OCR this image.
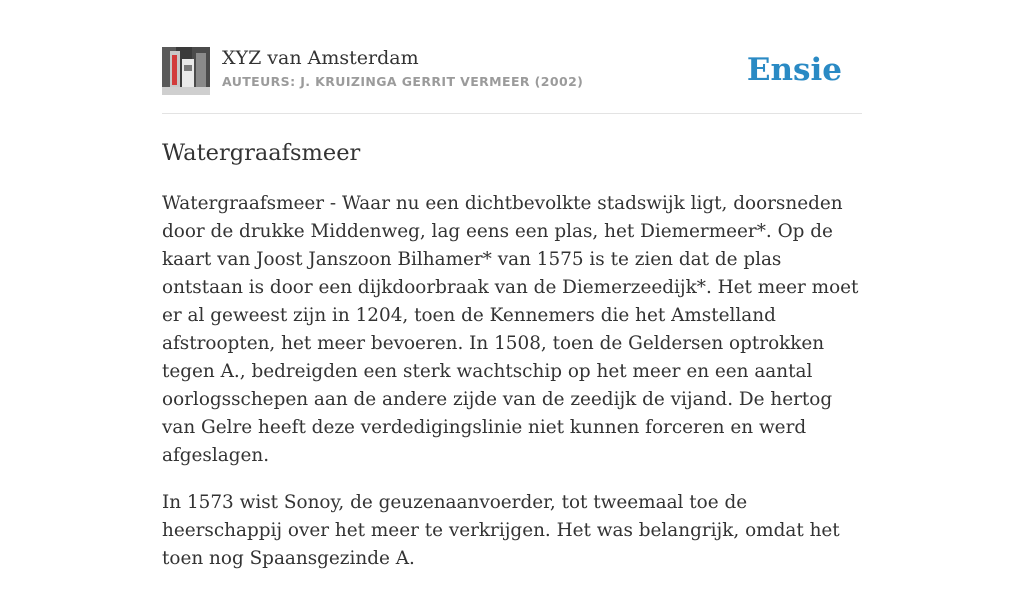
XYZ van Amsterdam
AUTEURS: J. KRUIZINGA GERRIT VERMEER (2002)	Ensie
Watergraafsmeer

Watergraafsmeer - Waar nu een dichtbevolkte stadswijk ligt, doorsneden door de drukke Middenweg, lag eens een plas, het Diemermeer*. Op de kaart van Joost Janszoon Bilhamer* van 1575 is te zien dat de plas ontstaan is door een dijkdoorbraak van de Diemerzeedijk*. Het meer moet er al geweest zijn in 1204, toen de Kennemers die het Amstelland afstroopten, het meer bevoeren. In 1508, toen de Geldersen optrokken tegen A., bedreigden een sterk wachtschip op het meer en een aantal oorlogsschepen aan de andere zijde van de zeedijk de vijand. De hertog van Gelre heeft deze verdedigingslinie niet kunnen forceren en werd afgeslagen.

In 1573 wist Sonoy, de geuzenaanvoerder, tot tweemaal toe de heerschappij over het meer te verkrijgen. Het was belangrijk, omdat het toen nog Spaansgezinde A.
